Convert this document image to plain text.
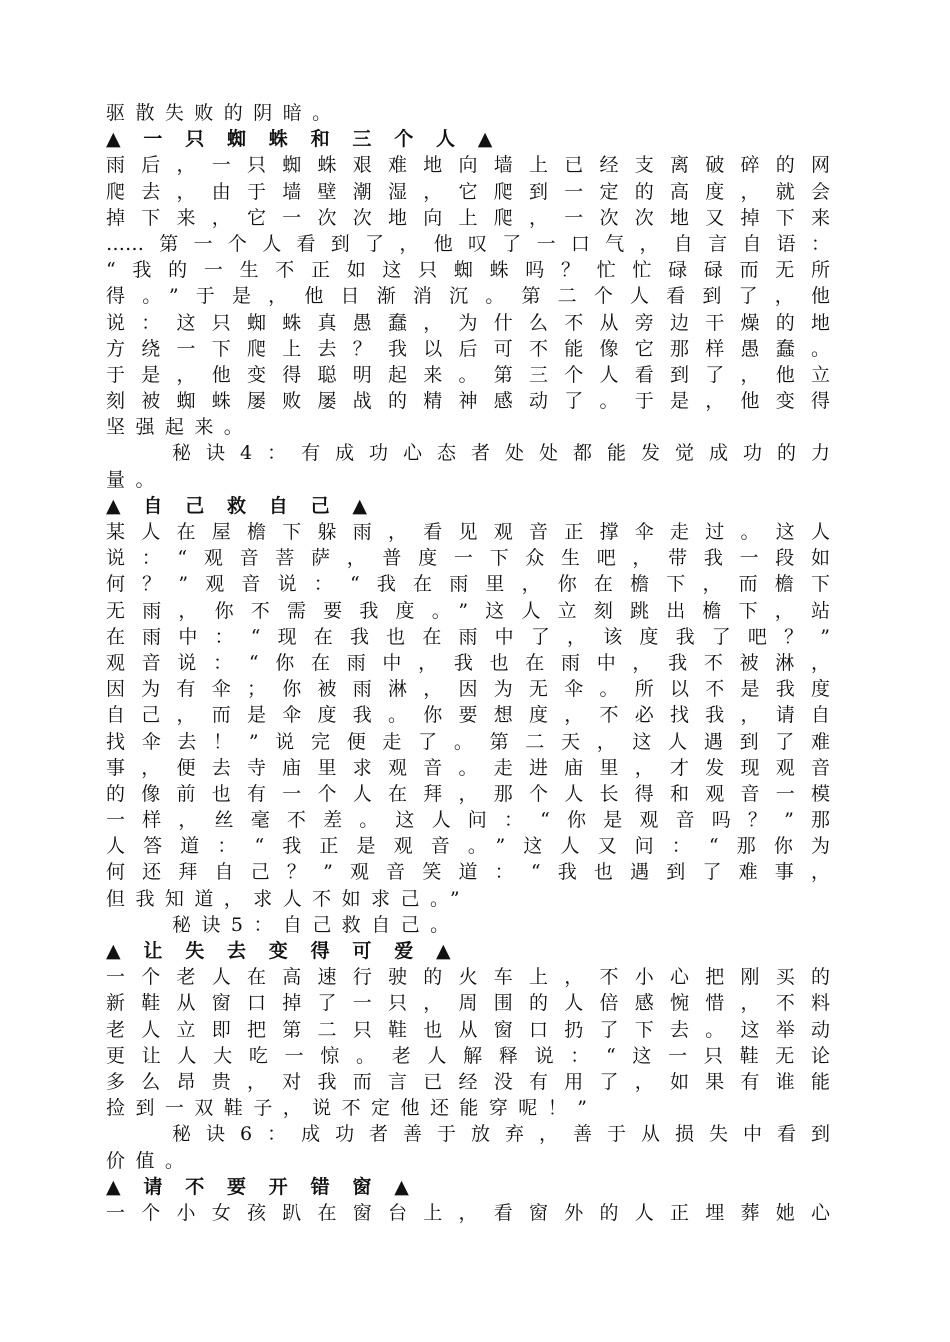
驱散失败的阴暗。
▲一只蜘蛛和三个人▲
雨后，一只蜘蛛艰难地向墙上已经支离破碎的网
爬去，由于墙壁潮湿，它爬到一定的高度，就会
掉下来，它一次次地向上爬，一次次地又掉下来
……第一个人看到了，他叹了一口气，自言自语：
“我的一生不正如这只蜘蛛吗？忙忙碌碌而无所
得。”于是，他日渐消沉。第二个人看到了，他
说：这只蜘蛛真愚蠢，为什么不从旁边干燥的地
方绕一下爬上去？我以后可不能像它那样愚蠢。
于是，他变得聪明起来。第三个人看到了，他立
刻被蜘蛛屡败屡战的精神感动了。于是，他变得
坚强起来。
秘诀4：有成功心态者处处都能发觉成功的力
量。
▲自己救自己▲
某人在屋檐下躲雨，看见观音正撑伞走过。这人
说：“观音菩萨，普度一下众生吧，带我一段如
何？”观音说：“我在雨里，你在檐下，而檐下
无雨，你不需要我度。”这人立刻跳出檐下，站
在雨中：“现在我也在雨中了，该度我了吧？”
观音说：“你在雨中，我也在雨中，我不被淋，
因为有伞；你被雨淋，因为无伞。所以不是我度
自己，而是伞度我。你要想度，不必找我，请自
找伞去！”说完便走了。第二天，这人遇到了难
事，便去寺庙里求观音。走进庙里，才发现观音
的像前也有一个人在拜，那个人长得和观音一模
一样，丝毫不差。这人问：“你是观音吗？”那
人答道：“我正是观音。”这人又问：“那你为
何还拜自己？”观音笑道：“我也遇到了难事，
但我知道，求人不如求己。”
秘诀5：自己救自己。
▲让失去变得可爱▲
一个老人在高速行驶的火车上，不小心把刚买的
新鞋从窗口掉了一只，周围的人倍感惋惜，不料
老人立即把第二只鞋也从窗口扔了下去。这举动
更让人大吃一惊。老人解释说：“这一只鞋无论
多么昂贵，对我而言已经没有用了，如果有谁能
捡到一双鞋子，说不定他还能穿呢！”
秘诀6：成功者善于放弃，善于从损失中看到
价值。
▲请不要开错窗▲
一个小女孩趴在窗台上，看窗外的人正埋葬她心
